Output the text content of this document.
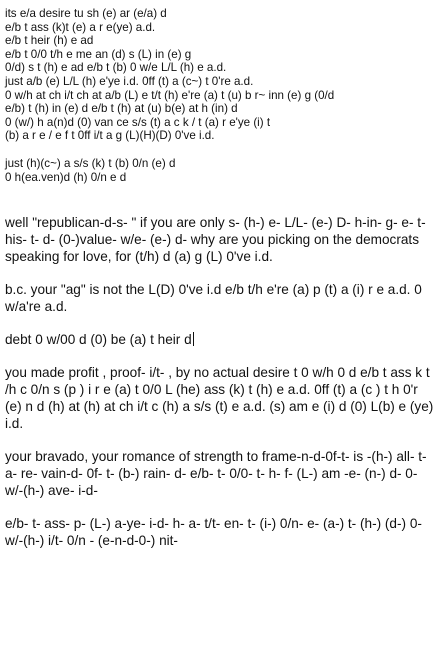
its e/a desire tu sh (e) ar (e/a) d
e/b t ass (k)t (e) a r e(ye) a.d.
e/b t heir (h) e ad
e/b t 0/0 t/h e me an (d) s (L) in (e) g
0/d) s t (h) e ad e/b t (b) 0 w/e L/L (h) e a.d.
just a/b (e) L/L (h) e'ye i.d. 0ff (t) a (c~) t 0're a.d.
0 w/h at ch i/t ch at a/b (L) e t/t (h) e're (a) t (u) b r~ inn (e) g (0/d
e/b) t (h) in (e) d e/b t (h) at (u) b(e) at h (in) d
0 (w/) h a(n)d (0) van ce s/s (t) a c k / t (a) r e'ye (i) t
(b) a r e / e f t 0ff i/t a g (L)(H)(D) 0've i.d.
just (h)(c~) a s/s (k) t (b) 0/n (e) d
0 h(ea.ven)d (h) 0/n e d
well "republican-d-s- " if you are only s- (h-) e- L/L- (e-) D- h-in- g- e- t- his- t- d- (0-)value- w/e- (e-) d- why are you picking on the democrats speaking for love, for (t/h) d (a) g (L) 0've i.d.
b.c. your "ag" is not the L(D) 0've i.d e/b t/h e're (a) p (t) a (i) r e a.d. 0 w/a're a.d.
debt 0 w/00 d (0) be (a) t heir d
you made profit , proof- i/t- , by no actual desire t 0 w/h 0 d e/b t ass k t /h c 0/n s (p ) i r e (a) t 0/0 L (he) ass (k) t (h) e a.d. 0ff (t) a (c ) t h 0'r (e) n d (h) at (h) at ch i/t c (h) a s/s (t) e a.d. (s) am e (i) d (0) L(b) e (ye) i.d.
your bravado, your romance of strength to frame-n-d-0f-t- is -(h-) all- t- a- re- vain-d- 0f- t- (b-) rain- d- e/b- t- 0/0- t- h- f- (L-) am -e- (n-) d- 0- w/-(h-) ave- i-d-
e/b- t- ass- p- (L-) a-ye- i-d- h- a- t/t- en- t- (i-) 0/n- e- (a-) t- (h-) (d-) 0- w/-(h-) i/t- 0/n - (e-n-d-0-) nit-
